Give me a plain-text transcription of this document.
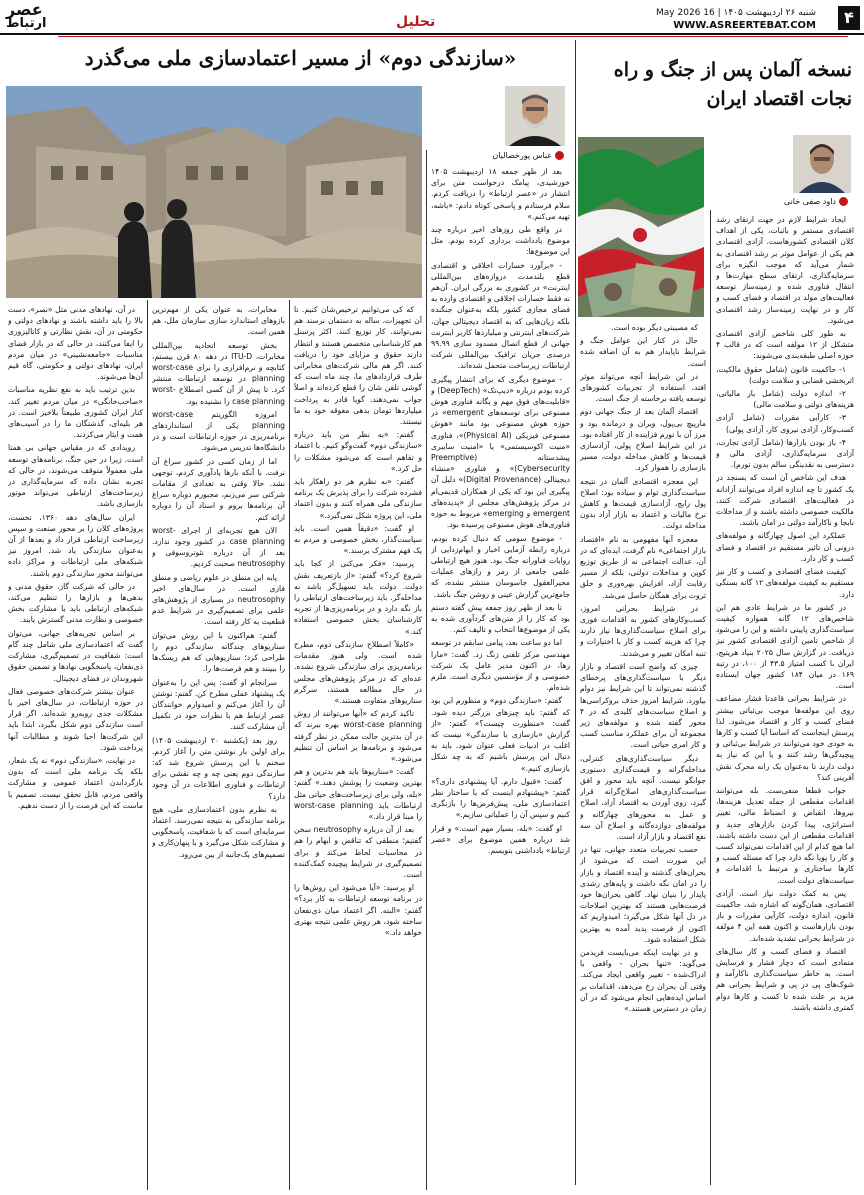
۴
شنبه ۲۶ اردیبهشت ۱۴۰۵ | 16 May 2026
WWW.ASREERTEBAT.COM
عصر
ارتباط	تحلیل
نسخه آلمان پس از جنگ و راه نجات اقتصاد ایران
داود صفی خانی

ایجاد شرایط لازم در جهت ارتقای رشد اقتصادی مستمر و باثبات، یکی از اهداف کلان اقتصادی کشورهاست. آزادی اقتصادی هم یکی از عوامل موثر بر رشد اقتصادی به شمار می‌آید که موجب انگیزه برای سرمایه‌گذاری، ارتقای سطح مهارت‌ها و انتقال فناوری شده و زمینه‌ساز توسعه فعالیت‌های مولد در اقتصاد و فضای کسب و کار و در نهایت زمینه‌ساز رشد اقتصادی می‌شود.

به طور کلی شاخص آزادی اقتصادی متشکل از ۱۲ مولفه است که در قالب ۴ حوزه اصلی طبقه‌بندی می‌شوند:

۱- حاکمیت قانون (شامل حقوق مالکیت، اثربخشی قضایی و سلامت دولت)

۲- اندازه دولت (شامل بار مالیاتی، هزینه‌های دولتی و سلامت مالی)

۳- کارآیی مقررات (شامل آزادی کسب‌وکار، آزادی نیروی کار، آزادی پولی)

۴- باز بودن بازارها (شامل آزادی تجارت، آزادی سرمایه‌گذاری، آزادی مالی و دسترسی به نقدینگی سالم بدون تورم).

هدف این شاخص آن است که بسنجد در یک کشور تا چه اندازه افراد می‌توانند آزادانه در فعالیت‌های اقتصادی شرکت کنند، مالکیت خصوصی داشته باشند و از مداخلات نابجا و ناکارآمد دولتی در امان باشند.

عملکرد این اصول چهارگانه و مولفه‌های درونی آن تاثیر مستقیم در اقتصاد و فضای کسب و کار دارد.

کیفیت فضای اقتصادی و کسب و کار نیز مستقیم به کیفیت مولفه‌های ۱۲ گانه بستگی دارد.

در کشور ما در شرایط عادی هم این شاخص‌های ۱۲ گانه همواره کیفیت سیاست‌گذاری پایینی داشته و این را می‌شود از شاخص تامین آزادی اقتصادی کشور نیز دریافت. در گزارش سال ۲۰۲۵ بنیاد هریتیج، ایران با کسب امتیاز ۴۳.۵ از ۱۰۰، در رتبه ۱۶۹ در میان ۱۸۴ کشور جهان ایستاده است.

در شرایط بحرانی قاعدتا فشار مضاعف روی این مولفه‌ها موجب بی‌ثباتی بیشتر فضای کسب و کار و اقتصاد می‌شود. لذا پرسش اینجاست که اساسا آیا کسب و کارها به خودی خود می‌توانند در شرایط بی‌ثباتی و پیچیدگی‌ها رشد کنند و یا این که نیاز به دولت دارند تا به‌عنوان یک رانه محرک نقش آفرینی کند؟

جواب قطعا منفی‌ست. بله می‌توانند اقدامات مقطعی از جمله تعدیل هزینه‌ها، نیروها، انقباض و انضباط مالی، تغییر استراتژی، پیدا کردن بازارهای جدید و اقدامات مقطعی از این دست داشته باشند، اما هیچ کدام از این اقدامات نمی‌تواند کسب و کار را پویا نگه دارد چرا که مسئله کسب و کارها ساختاری و مرتبط با اقدامات و سیاست‌های دولت است.

پس به کمک دولت نیاز است. آزادی اقتصادی، همان‌گونه که اشاره شد، حاکمیت قانون، اندازه دولت، کارآیی مقررات و باز بودن بازارهاست و اکنون همه این ۴ مولفه در شرایط بحرانی تشدید شده‌اند.

اقتصاد و فضای کسب و کار سال‌های متمادی است که دچار فشار و فرسایش است. به خاطر سیاست‌گذاری ناکارآمد و شوک‌های پی در پی و شرایط بحرانی هم مزید بر علت شده تا کسب و کارها دوام کمتری داشته باشند.

که مصیبتی دیگر بوده است.

حال در کنار این عوامل جنگ و شرایط ناپایدار هم به آن اضافه شده است.

در این شرایط آنچه می‌تواند موثر افتد، استفاده از تجربیات کشورهای توسعه یافته برخاسته از جنگ است.

اقتصاد آلمان بعد از جنگ جهانی دوم مارپیچ بی‌پول، ویران و درمانده بود و مرز آن با تورم فزاینده از کار افتاده بود. در این شرایط اصلاح پولی، آزادسازی قیمت‌ها و کاهش مداخله دولت، مسیر بازسازی را هموار کرد.

این معجزه اقتصادی آلمان در نتیجه سیاست‌گذاری توام و سیاده بود: اصلاح پول رایج، آزادسازی قیمت‌ها و کاهش نرخ مالیات و اعتماد به بازار آزاد بدون مداخله دولت.

معجزه آنها مفهومی به نام «اقتصاد بازار اجتماعی» نام گرفت، ایده‌ای که در آن، عدالت اجتماعی نه از طریق توزیع کوپن و مداخلات دولتی، بلکه از مسیر رقابت آزاد، افزایش بهره‌وری و خلق ثروت برای همگان حاصل می‌شد.

در شرایط بحرانی امروز، کسب‌وکارهای کشور به اقدامات فوری برای اصلاح سیاست‌گذاری‌ها نیاز دارند چرا که هزینه کسب و کار با اختیارات و تنبه امکان تغییر و می‌شدند.

چیزی که واضح است اقتصاد و بازار دیگر با سیاست‌گذاری‌های پرخطای گذشته نمی‌تواند تا این شرایط نیز دوام بیاورد. شرایط امروز حذف بروکراسی‌ها و اصلاح سیاست‌های کلیدی که در ۴ محور گفته شده و مولفه‌های زیر مجموعه آن برای عملکرد مناسب کسب و کار امری حیاتی است.

دیگر سیاست‌گذاری‌های کنترلی، مداخله‌گرانه و قیمت‌گذاری دستوری جوابگو نیست. آنچه باید محور و افق سیاست‌گذاری‌های اصلاح‌گرانه قرار گیرد، روی آوردن به اقتصاد آزاد، اصلاح و عمل به محورهای چهارگانه و مولفه‌های دوازده‌گانه و اصلاح آن سه نفع اقتصاد و بازار آزاد است.

حسب تجربیات متعدد جهانی، تنها در این صورت است که می‌شود از بحران‌های گذشته و آینده اقتصاد و بازار را در امان نگه داشت و پایه‌های رشدی پایدار را بنیان نهاد. گاهی بحران‌ها خود فرصت‌هایی هستند که بهترین اصلاحات در دل آنها شکل می‌گیرد؛ امیدواریم که اکنون از فرصت پدید آمده به بهترین شکل استفاده شود.

و در نهایت اینکه می‌بایست فریدمن می‌گوید: «تنها بحران - واقعی یا ادراک‌شده - تغییر واقعی ایجاد می‌کند. وقتی آن بحران رخ می‌دهد، اقدامات بر اساس ایده‌هایی انجام می‌شود که در آن زمان در دسترس هستند.»

«سازندگی دوم» از مسیر اعتمادسازی ملی می‌گذرد
عباس پورخصالیان

بعد از ظهر جمعه ۱۸ اردیبهشت ۱۴۰۵ خورشیدی، پیامک درخواست متن برای انتشار در «عصر ارتباط» را دریافت کردم. سلام فرستادم و پاسخی کوتاه دادم: «باشه، تهیه می‌کنم.»

در واقع طی روزهای اخیر درباره چند موضوع یادداشت برداری کرده بودم. مثل این موضوع‌ها:

- «برآورد خسارات اخلاقی و اقتصادی قطع بلندمدت دروازه‌های بین‌المللی اینترنت» در کشوری به بزرگی ایران. آن‌هم نه فقط خسارات اخلاقی و اقتصادی وارده به فضای مجازی کشور بلکه به‌عنوان جنگنده بلکه زیان‌هایی که به اقتصاد دیجیتالی جهان، شرکت‌های اینترنتی و میلیاردها کاربر اینترنت جهانی از قطع اتصال مسدود سازی ۹۹.۹۹ درصدی جریان ترافیک بین‌المللی شرکت ارتباطات زیرساخت متحمل شده‌اند.

- موضوع دیگری که برای انتشار پیگیری کرده بودم درباره «دیپ‌تک» (DeepTech) و «قابلیت‌های فوق مهم و یگانه فناوری هوش مصنوعی برای توسعه‌های emergent» در حوزه هوش مصنوعی بود مانند «هوش مصنوعی فیزیکی (Physical AI)»، فناوری «منیت اکوسیستمی» یا «امنیت سایبری پیشدستانه (Preemptive Cybersecurity)» و فناوری «منشاء دیجیتالی (Digital Provenance)» دلیل آن پیگیری این بود که یکی از همکاران قدیمی‌ام در مرکز پژوهش‌های مجلس از «پدیده‌های emergent و emerging» مربوط به حوزه فناوری‌های هوش مصنوعی پرسیده بود.

- موضوع سومی که دنبال کرده بودم، درباره رابطه آزمایی اخبار و ابهام‌زدایی از روایات فناورانه جنگ بود. هنوز هیچ ارتباطی علمی جامعی از رمز و رازهای عملیات محیرالعقول جاسوسان منتشر نشده، که جامع‌ترین گزارش عینی و روشن جنگ باشد.

تا بعد از ظهر روز جمعه پیش گفته دستم بود که کار را از متن‌های گردآوری شده به یکی از موضوع‌ها انتخاب و تالیف کنم.

اما دو ساعت بعد، پیامی سابقم در توسعه مهندسی مرکز تلفنی زنگ زد. گفت: «مارا رها، در اکنون مدیر عامل یک شرکت خصوصی و از مؤسسین دیگری است. ملزم شده‌ام.

گفتم: «سازندگی دوم» و منظورم این بود که گفتم: باید چیزهای بزرگتر دیده شود. گفت: «منظورت چیست؟» گفتم: «از گزارش «بازسازی یا سازندگی» نیست که اغلب در ادبیات فعلی عنوان شود. باید به دنبال این پرسش باشیم که به چه شکل بازسازی کنیم.»

گفت: «قبول دارم. آیا پیشنهادی داری؟» گفتم: «پیشنهادم اینست که با ساختار نظر اعتمادسازی ملی، پیش‌فرض‌ها را بازنگری کنیم و سپس آن را عملیاتی سازیم.»

او گفت: «بله، بسیار مهم است.» و قرار شد درباره همین موضوع برای «عصر ارتباط» یادداشتی بنویسم.

که کی می‌توانیم ترخیص‌شان کنیم. تا آن تجهیزات، ساله به دستمان نرسند هم نمی‌توانند. کار توزیع کنند. اکثر پرسنل هم کارشناسانی متخصص هستند و انتظار دارند حقوق و مزایای خود را دریافت کنند. اگر هم مالی شرکت‌های مخابراتی طرف قراردادهای ما، چند ماه است که گوشی تلفن شان را قطع کرده‌اند و اصلاً جواب نمی‌دهند. گویا قادر به پرداخت میلیاردها تومان بدهی معوقه خود به ما نیستند.

گفتم: «به نظر من باید درباره «سازندگی دوم» گفت‌وگو کنیم. با اعتماد و تفاهم است که می‌شود مشکلات را حل کرد.»

گفتم: «به نظرم هر دو راهکار باید فشرده شرکت را برای پذیرش یک برنامه سازندگی ملی همراه کنند و بدون اعتماد ملی، این پروژه شکل نمی‌گیرد.»

او گفت: «دقیقاً همین است. باید سیاست‌گذار، بخش خصوصی و مردم به یک فهم مشترک برسند.»

پرسید: «فکر می‌کنی از کجا باید شروع کرد؟» گفتم: «از بازتعریف نقش دولت. دولت باید تسهیل‌گر باشد نه مداخله‌گر. باید زیرساخت‌های ارتباطی را باز نگه دارد و در برنامه‌ریزی‌ها از تجربه کارشناسان بخش خصوصی استفاده کند.»

«کاملاً اصطلاح سازندگی دوم، مطرح شده است. ولی هنوز مقدمات برنامه‌ریزی برای سازندگی شروع نشده. عده‌ای که در مرکز پژوهش‌های مجلس در حال مطالعه هستند، سرگرم سناریوهای متفاوت هستند.»

تاکید کردم که «آنها می‌توانند از روش worst-case planning بهره ببرند که در آن بدترین حالت ممکن در نظر گرفته می‌شود و برنامه‌ها بر اساس آن تنظیم می‌شود.»

گفت: «سناریو‌ها باید هم بدترین و هم بهترین وضعیت را پوشش دهند.» گفتم: «بله، ولی برای زیرساخت‌های حیاتی مثل ارتباطات باید worst-case planning را مبنا قرار داد.»

بعد از آن درباره neutrosophy سخن گفتیم؛ منطقی که تناقض و ابهام را هم در محاسبات لحاظ می‌کند و برای تصمیم‌گیری در شرایط پیچیده کمک‌کننده است.

او پرسید: «آیا می‌شود این روش‌ها را در برنامه توسعه ارتباطات به کار برد؟» گفتم: «البته. اگر اعتماد میان ذی‌نفعان ساخته شود، هر روش علمی نتیجه بهتری خواهد داد.»

مخابرات، به عنوان یکی از مهم‌ترین بازوهای استاندارد سازی سازمان ملل، هم همین است.

بخش توسعه اتحادیه بین‌المللی مخابرات، ITU-D در دهه ۸۰ قرن بیستم، کتابچه و نرم‌افزاری را برای worst-case planning در توسعه ارتباطات منتشر کرد. تا پیش از آن کسی اصطلاح worst-case planning را نشنیده بود.

امروزه الگوریتم worst-case planning یکی از استانداردهای برنامه‌ریزی در حوزه ارتباطات است و در دانشگاه‌ها تدریس می‌شود.

اما از زمان کسی در کشور سراغ آن نرفت. با آنکه بارها یادآوری کردم، توجهی نشد. حالا وقتی به تعدادی از مقامات شرکتی سر می‌زنم، مجبورم دوباره سراغ آن برنامه‌ها بروم و اسناد آن را دوباره ارائه کنم.

الان هیچ تجربه‌ای از اجرای worst-case planning در کشور وجود ندارد. بعد از آن درباره نئوتروسوفی و neutrosophy صحبت کردیم.

پایه این منطق در علوم ریاضی و منطق فازی است. در سال‌های اخیر neutrosophy در بسیاری از پژوهش‌های علمی برای تصمیم‌گیری در شرایط عدم قطعیت به کار رفته است.

گفتم: هم‌اکنون با این روش می‌توان سناریوهای چندگانه سازندگی دوم را طراحی کرد؛ سناریوهایی که هم ریسک‌ها را ببینند و هم فرصت‌ها را.

سرانجام او گفت: پس این را به‌عنوان یک پیشنهاد عملی مطرح کن. گفتم: نوشتن آن را آغاز می‌کنم و امیدوارم خوانندگان عصر ارتباط هم با نظرات خود در تکمیل آن مشارکت کنند.

روز بعد (یکشنبه ۲۰ اردیبهشت ۱۴۰۵) برای اولین بار نوشتن متن را آغاز کردم. سخنم با این پرسش شروع شد که: سازندگی دوم یعنی چه و چه نقشی برای ارتباطات و فناوری اطلاعات در آن وجود دارد؟

به نظرم بدون اعتمادسازی ملی، هیچ برنامه سازندگی به نتیجه نمی‌رسد. اعتماد سرمایه‌ای است که با شفافیت، پاسخگویی و مشارکت شکل می‌گیرد و با پنهان‌کاری و تصمیم‌های یک‌جانبه از بین می‌رود.

در آن، نهادهای مدنی مثل «نصر»، دست بالا را باید داشته باشند و نهادهای دولتی و حکومتی در آن، نقش نظارتی و کاتالیزوری را ایفا می‌کنند، در حالی که در بازار فضای مناسبات «جامعه‌نشینی» در میان مردم ایران، نهادهای دولتی و حکومتی، گاه قیم آن‌ها می‌شوند.

بدین ترتیب باید به نفع نظریه مناسبات «صاحب‌خانگی» در میان مردم تغییر کند. کنار ایران کشوری طبیعتاً بلاخیز است. در هر بلیه‌ای، گذشتگان ما را در آسیب‌های همت و ایثار می‌کردند.

رویدادی که در مقیاس جهانی بی همتا است. زیرا در حین جنگ، برنامه‌های توسعه ملی معمولاً متوقف می‌شوند، در حالی که تجربه نشان داده که سرمایه‌گذاری در زیرساخت‌های ارتباطی می‌تواند موتور بازسازی باشد.

ایران سال‌های دهه ۱۳۶۰، نخست، پروژه‌های کلان را بر محور صنعت و سپس زیرساخت ارتباطی قرار داد و بعدها از آن به‌عنوان سازندگی یاد شد. امروز نیز شبکه‌های ملی ارتباطات و مراکز داده می‌توانند محور سازندگی دوم باشند.

در حالی که شرکت گاز، حقوق مدنی و بدهی‌ها و بازارها را تنظیم می‌کند، شبکه‌های ارتباطی باید با مشارکت بخش خصوصی و نظارت مدنی گسترش یابند.

بر اساس تجربه‌های جهانی، می‌توان گفت که اعتمادسازی ملی شامل چند گام است: شفافیت در تصمیم‌گیری، مشارکت ذی‌نفعان، پاسخگویی نهادها و تضمین حقوق شهروندان در فضای دیجیتال.

عنوان بیشتر شرکت‌های خصوصی فعال در حوزه ارتباطات، در سال‌های اخیر با مشکلات جدی روبه‌رو شده‌اند. اگر قرار است سازندگی دوم شکل بگیرد، ابتدا باید این شرکت‌ها احیا شوند و مطالبات آنها پرداخت شود.

در نهایت، «سازندگی دوم» نه یک شعار، بلکه یک برنامه ملی است که بدون بازگرداندن اعتماد عمومی و مشارکت واقعی مردم، قابل تحقق نیست. تصمیم با ماست که این فرصت را از دست ندهیم.
